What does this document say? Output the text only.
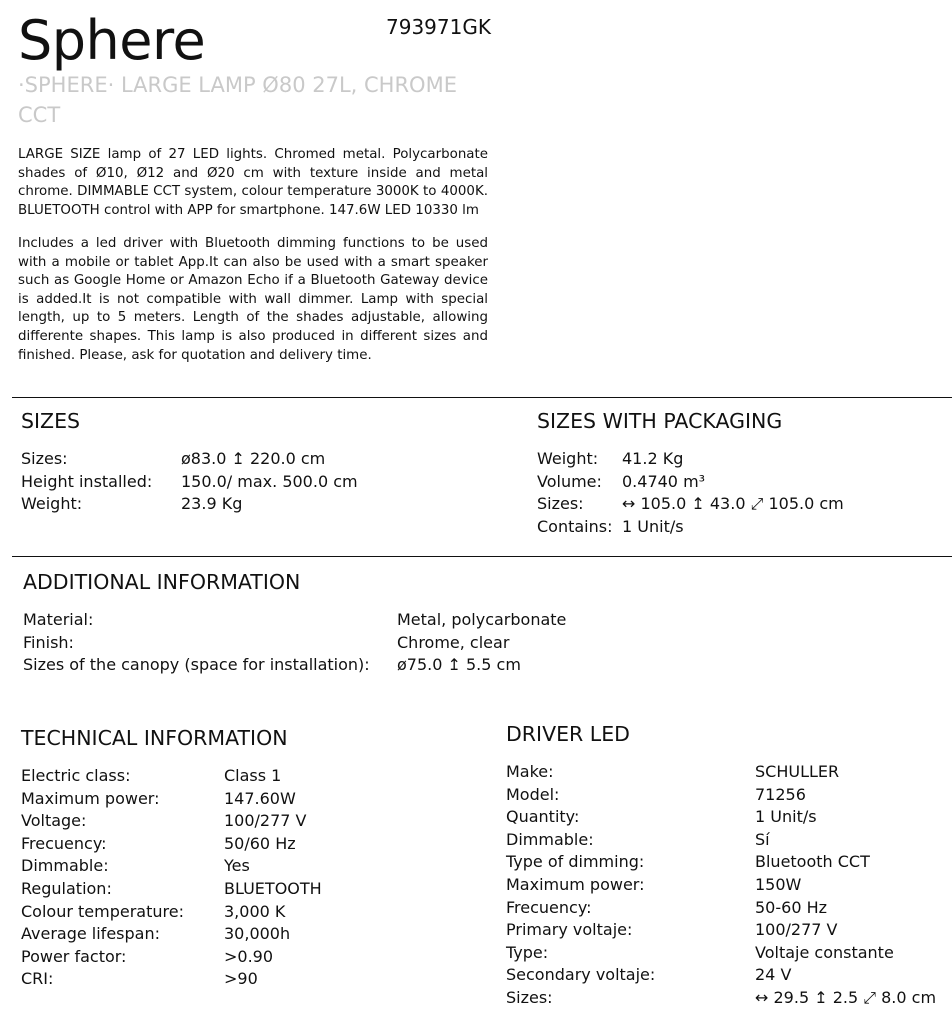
Sphere	793971GK
·SPHERE· LARGE LAMP Ø80 27L, CHROME CCT
LARGE SIZE lamp of 27 LED lights. Chromed metal. Polycarbonate shades of Ø10, Ø12 and Ø20 cm with texture inside and metal chrome. DIMMABLE CCT system, colour temperature 3000K to 4000K. BLUETOOTH control with APP for smartphone. 147.6W LED 10330 lm
Includes a led driver with Bluetooth dimming functions to be used with a mobile or tablet App.It can also be used with a smart speaker such as Google Home or Amazon Echo if a Bluetooth Gateway device is added.It is not compatible with wall dimmer. Lamp with special length, up to 5 meters. Length of the shades adjustable, allowing differente shapes. This lamp is also produced in different sizes and finished. Please, ask for quotation and delivery time.
SIZES
Sizes:	ø83.0 ↥ 220.0 cm
Height installed:	150.0/ max. 500.0 cm
Weight:	23.9 Kg
SIZES WITH PACKAGING
Weight:	41.2 Kg
Volume:	0.4740 m³
Sizes:	↔ 105.0 ↥ 43.0 ⤢ 105.0 cm
Contains: 1 Unit/s
ADDITIONAL INFORMATION
Material:	Metal, polycarbonate
Finish:	Chrome, clear
Sizes of the canopy (space for installation):	ø75.0 ↥ 5.5 cm
TECHNICAL INFORMATION
Electric class:	Class 1
Maximum power:	147.60W
Voltage:	100/277 V
Frecuency:	50/60 Hz
Dimmable:	Yes
Regulation:	BLUETOOTH
Colour temperature:	3,000 K
Average lifespan:	30,000h
Power factor:	>0.90
CRI:	>90
DRIVER LED
Make:	SCHULLER
Model:	71256
Quantity:	1 Unit/s
Dimmable:	Sí
Type of dimming:	Bluetooth CCT
Maximum power:	150W
Frecuency:	50-60 Hz
Primary voltaje:	100/277 V
Type:	Voltaje constante
Secondary voltaje:	24 V
Sizes:	↔ 29.5 ↥ 2.5 ⤢ 8.0 cm
